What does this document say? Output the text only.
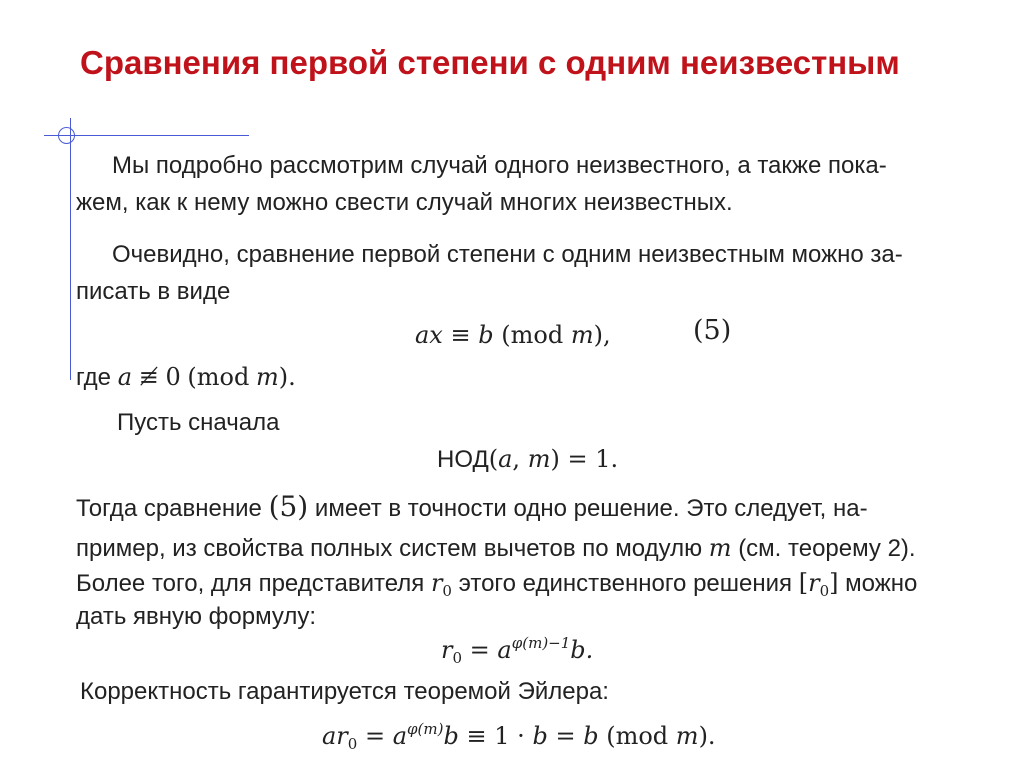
Сравнения первой степени с одним неизвестным

Мы подробно рассмотрим случай одного неизвестного, а также пока-

жем, как к нему можно свести случай многих неизвестных.

Очевидно, сравнение первой степени с одним неизвестным можно за-

писать в виде

ax ≡ b (mod m),	(5)

где a ≢ 0 (mod m).

Пусть сначала

НОД(a, m) = 1.

Тогда сравнение (5) имеет в точности одно решение. Это следует, на-

пример, из свойства полных систем вычетов по модулю m (см. теорему 2).

Более того, для представителя $r_0$ этого единственного решения $[r_0]$ можно

дать явную формулу:

$r_0 = a^{\varphi(m)-1}b$.

Корректность гарантируется теоремой Эйлера:

$ar_0 = a^{\varphi(m)}b \equiv 1 \cdot b = b$ (mod m).
